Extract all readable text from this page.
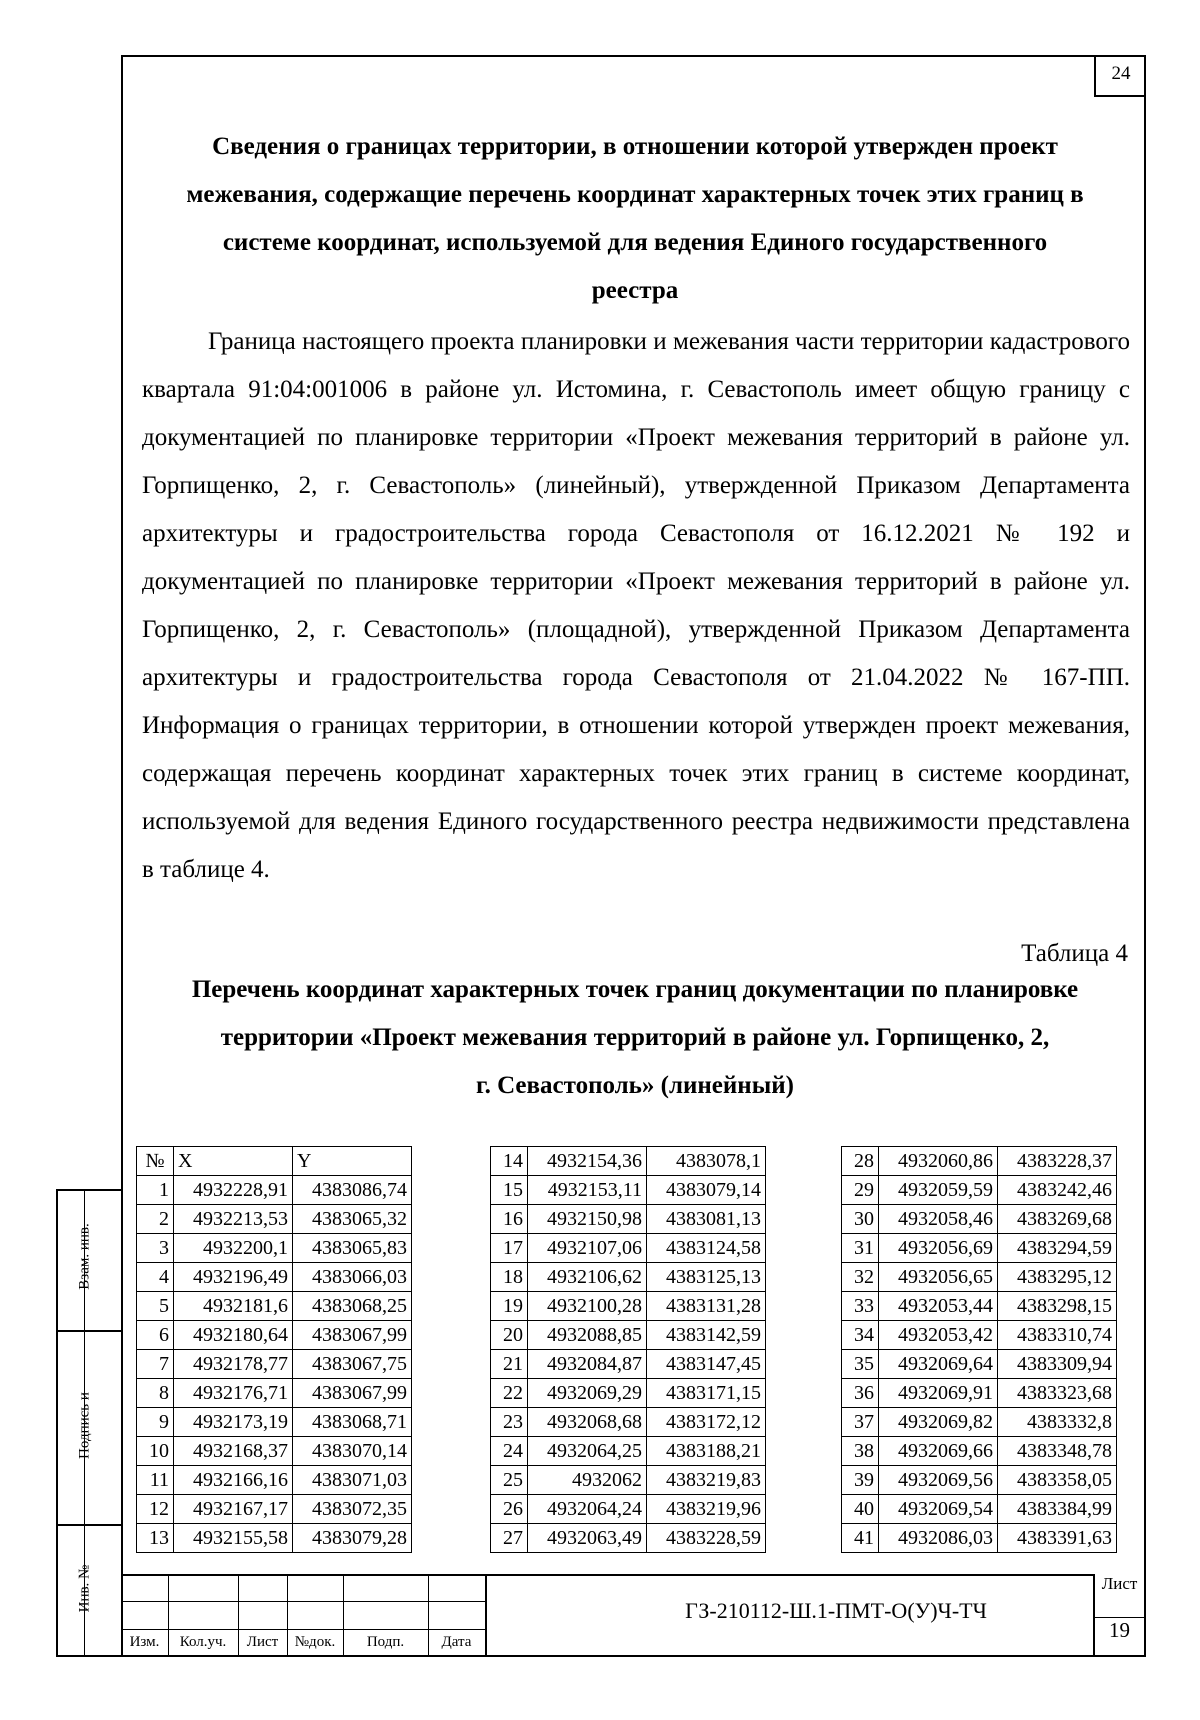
24
Взам. инв.
Подпись и
Инв. №
Сведения о границах территории, в отношении которой утвержден проект
межевания, содержащие перечень координат характерных точек этих границ в
системе координат, используемой для ведения Единого государственного
реестра

Граница настоящего проекта планировки и межевания части территории кадастрового квартала 91:04:001006 в районе ул. Истомина, г. Севастополь имеет общую границу с документацией по планировке территории «Проект межевания территорий в районе ул. Горпищенко, 2, г. Севастополь» (линейный), утвержденной Приказом Департамента архитектуры и градостроительства города Севастополя от 16.12.2021 № 192 и документацией по планировке территории «Проект межевания территорий в районе ул. Горпищенко, 2, г. Севастополь» (площадной), утвержденной Приказом Департамента архитектуры и градостроительства города Севастополя от 21.04.2022 № 167-ПП. Информация о границах территории, в отношении которой утвержден проект межевания, содержащая перечень координат характерных точек этих границ в системе координат, используемой для ведения Единого государственного реестра недвижимости представлена в таблице 4.

Таблица 4
Перечень координат характерных точек границ документации по планировке
территории «Проект межевания территорий в районе ул. Горпищенко, 2,
г. Севастополь» (линейный)
№	X	Y
1	4932228,91	4383086,74
2	4932213,53	4383065,32
3	4932200,1	4383065,83
4	4932196,49	4383066,03
5	4932181,6	4383068,25
6	4932180,64	4383067,99
7	4932178,77	4383067,75
8	4932176,71	4383067,99
9	4932173,19	4383068,71
10	4932168,37	4383070,14
11	4932166,16	4383071,03
12	4932167,17	4383072,35
13	4932155,58	4383079,28
14	4932154,36	4383078,1
15	4932153,11	4383079,14
16	4932150,98	4383081,13
17	4932107,06	4383124,58
18	4932106,62	4383125,13
19	4932100,28	4383131,28
20	4932088,85	4383142,59
21	4932084,87	4383147,45
22	4932069,29	4383171,15
23	4932068,68	4383172,12
24	4932064,25	4383188,21
25	4932062	4383219,83
26	4932064,24	4383219,96
27	4932063,49	4383228,59
28	4932060,86	4383228,37
29	4932059,59	4383242,46
30	4932058,46	4383269,68
31	4932056,69	4383294,59
32	4932056,65	4383295,12
33	4932053,44	4383298,15
34	4932053,42	4383310,74
35	4932069,64	4383309,94
36	4932069,91	4383323,68
37	4932069,82	4383332,8
38	4932069,66	4383348,78
39	4932069,56	4383358,05
40	4932069,54	4383384,99
41	4932086,03	4383391,63
Изм.	Кол.уч.	Лист	№док.	Подп.	Дата
ГЗ-210112-Ш.1-ПМТ-О(У)Ч-ТЧ
Лист
19
